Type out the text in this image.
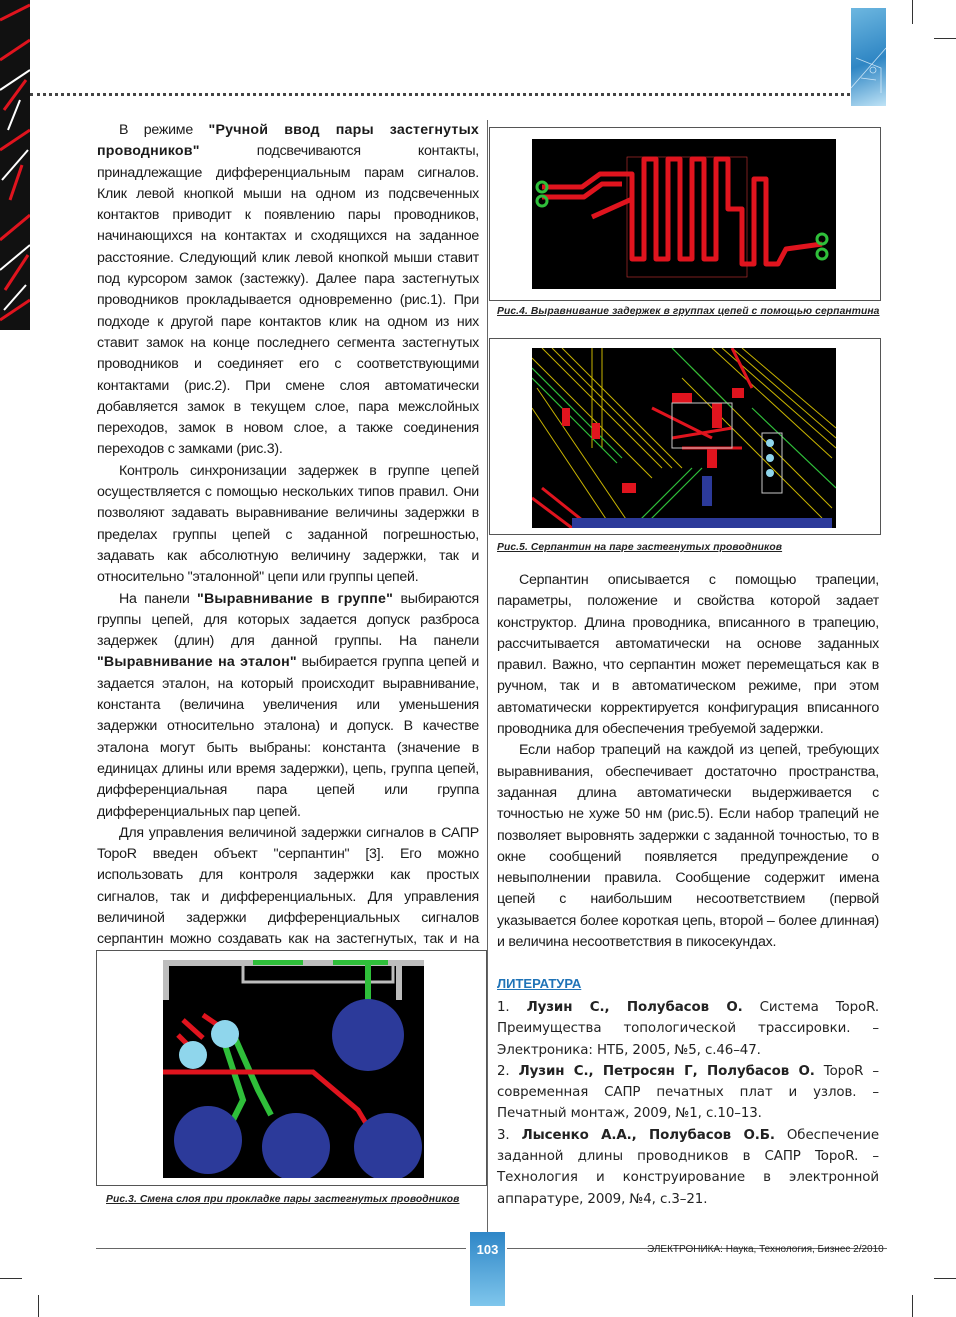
В режиме "Ручной ввод пары застегнутых проводников" подсвечиваются контакты, принадлежащие дифференциальным парам сигналов. Клик левой кнопкой мыши на одном из подсвеченных контактов приводит к появлению пары проводников, начинающихся на контактах и сходящихся на заданное расстояние. Следующий клик левой кнопкой мыши ставит под курсором замок (застежку). Далее пара застегнутых проводников прокладывается одновременно (рис.1). При подходе к другой паре контактов клик на одном из них ставит замок на конце последнего сегмента застегнутых проводников и соединяет его с соответствующими контактами (рис.2). При смене слоя автоматически добавляется замок в текущем слое, пара межслойных переходов, замок в новом слое, а также соединения переходов с замками (рис.3).

Контроль синхронизации задержек в группе цепей осуществляется с помощью нескольких типов правил. Они позволяют задавать выравнивание величины задержки в пределах группы цепей с заданной погрешностью, задавать как абсолютную величину задержки, так и относительно "эталонной" цепи или группы цепей.

На панели "Выравнивание в группе" выбираются группы цепей, для которых задается допуск разброса задержек (длин) для данной группы. На панели "Выравнивание на эталон" выбирается группа цепей и задается эталон, на который происходит выравнивание, константа (величина увеличения или уменьшения задержки относительно эталона) и допуск. В качестве эталона могут быть выбраны: константа (значение в единицах длины или время задержки), цепь, группа цепей, дифференциальная пара цепей или группа дифференциальных пар цепей.

Для управления величиной задержки сигналов в САПР TopoR введен объект "серпантин" [3]. Его можно использовать для контроля задержки как простых сигналов, так и дифференциальных. Для управления величиной задержки дифференциальных сигналов серпантин можно создавать как на застегнутых, так и на

Рис.4. Выравнивание задержек в группах цепей с помощью серпантина
Рис.5. Серпантин на паре застегнутых проводников

Серпантин описывается с помощью трапеции, параметры, положение и свойства которой задает конструктор. Длина проводника, вписанного в трапецию, рассчитывается автоматически на основе заданных правил. Важно, что серпантин может перемещаться как в ручном, так и в автоматическом режиме, при этом автоматически корректируется конфигурация вписанного проводника для обеспечения требуемой задержки.

Если набор трапеций на каждой из цепей, требующих выравнивания, обеспечивает достаточно пространства, заданная длина автоматически выдерживается с точностью не хуже 50 нм (рис.5). Если набор трапеций не позволяет выровнять задержки с заданной точностью, то в окне сообщений появляется предупреждение о невыполнении правила. Сообщение содержит имена цепей с наибольшим несоответствием (первой указывается более короткая цепь, второй – более длинная) и величина несоответствия в пикосекундах.

Рис.3. Смена слоя при прокладке пары застегнутых проводников
ЛИТЕРАТУРА

1. Лузин С., Полубасов О. Система TopoR. Преимущества топологической трассировки. – Электроника: НТБ, 2005, №5, с.46–47.

2. Лузин С., Петросян Г, Полубасов О. TopoR – современная САПР печатных плат и узлов. – Печатный монтаж, 2009, №1, с.10–13.

3. Лысенко А.А., Полубасов О.Б. Обеспечение заданной длины проводников в САПР TopoR. – Технология и конструирование в электронной аппаратуре, 2009, №4, с.3–21.

103	ЭЛЕКТРОНИКА: Наука, Технология, Бизнес 2/2010
